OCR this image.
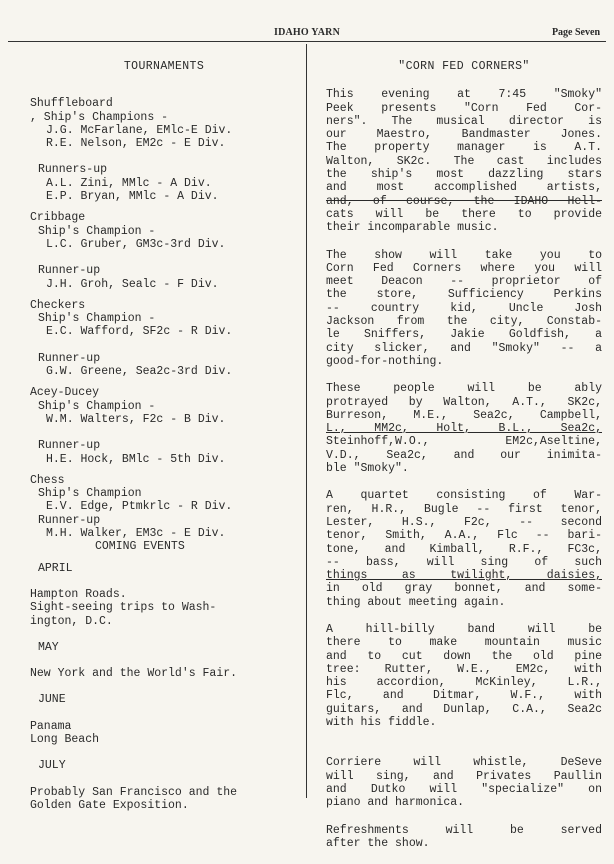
IDAHO YARN	Page Seven
TOURNAMENTS
Shuffleboard
, Ship's Champions -
J.G. McFarlane, EMlc-E Div.
R.E. Nelson, EM2c - E Div.
Runners-up
A.L. Zini, MMlc - A Div.
E.P. Bryan, MMlc - A Div.
Cribbage
Ship's Champion -
L.C. Gruber, GM3c-3rd Div.
Runner-up
J.H. Groh, Sealc - F Div.
Checkers
Ship's Champion -
E.C. Wafford, SF2c - R Div.
Runner-up
G.W. Greene, Sea2c-3rd Div.
Acey-Ducey
Ship's Champion -
W.M. Walters, F2c - B Div.
Runner-up
H.E. Hock, BMlc - 5th Div.
Chess
Ship's Champion
E.V. Edge, Ptmkrlc - R Div.
Runner-up
M.H. Walker, EM3c - E Div.
COMING EVENTS
APRIL
Hampton Roads.
Sight-seeing trips to Wash-
ington, D.C.
MAY
New York and the World's Fair.
JUNE
Panama
Long Beach
JULY
Probably San Francisco and the
Golden Gate Exposition.
"CORN FED CORNERS"
This evening at 7:45 "Smoky"
Peek presents "Corn Fed Cor-
ners". The musical director is
our Maestro, Bandmaster Jones.
The property manager is A.T.
Walton, SK2c. The cast includes
the ship's most dazzling stars
and most accomplished artists,
and, of course, the IDAHO Hell-
cats will be there to provide
their incomparable music.
The show will take you to
Corn Fed Corners where you will
meet Deacon -- proprietor of
the store, Sufficiency Perkins
-- country kid, Uncle Josh
Jackson from the city, Constab-
le Sniffers, Jakie Goldfish, a
city slicker, and "Smoky" -- a
good-for-nothing.
These people will be ably
protrayed by Walton, A.T., SK2c,
Burreson, M.E., Sea2c, Campbell,
L., MM2c, Holt, B.L., Sea2c,
Steinhoff,W.O., EM2c,Aseltine,
V.D., Sea2c, and our inimita-
ble "Smoky".
A quartet consisting of War-
ren, H.R., Bugle -- first tenor,
Lester, H.S., F2c, -- second
tenor, Smith, A.A., Flc -- bari-
tone, and Kimball, R.F., FC3c,
-- bass, will sing of such
things as twilight, daisies,
in old gray bonnet, and some-
thing about meeting again.
A hill-billy band will be
there to make mountain music
and to cut down the old pine
tree: Rutter, W.E., EM2c, with
his accordion, McKinley, L.R.,
Flc, and Ditmar, W.F., with
guitars, and Dunlap, C.A., Sea2c
with his fiddle.
Corriere will whistle, DeSeve
will sing, and Privates Paullin
and Dutko will "specialize" on
piano and harmonica.
Refreshments will be served
after the show.
